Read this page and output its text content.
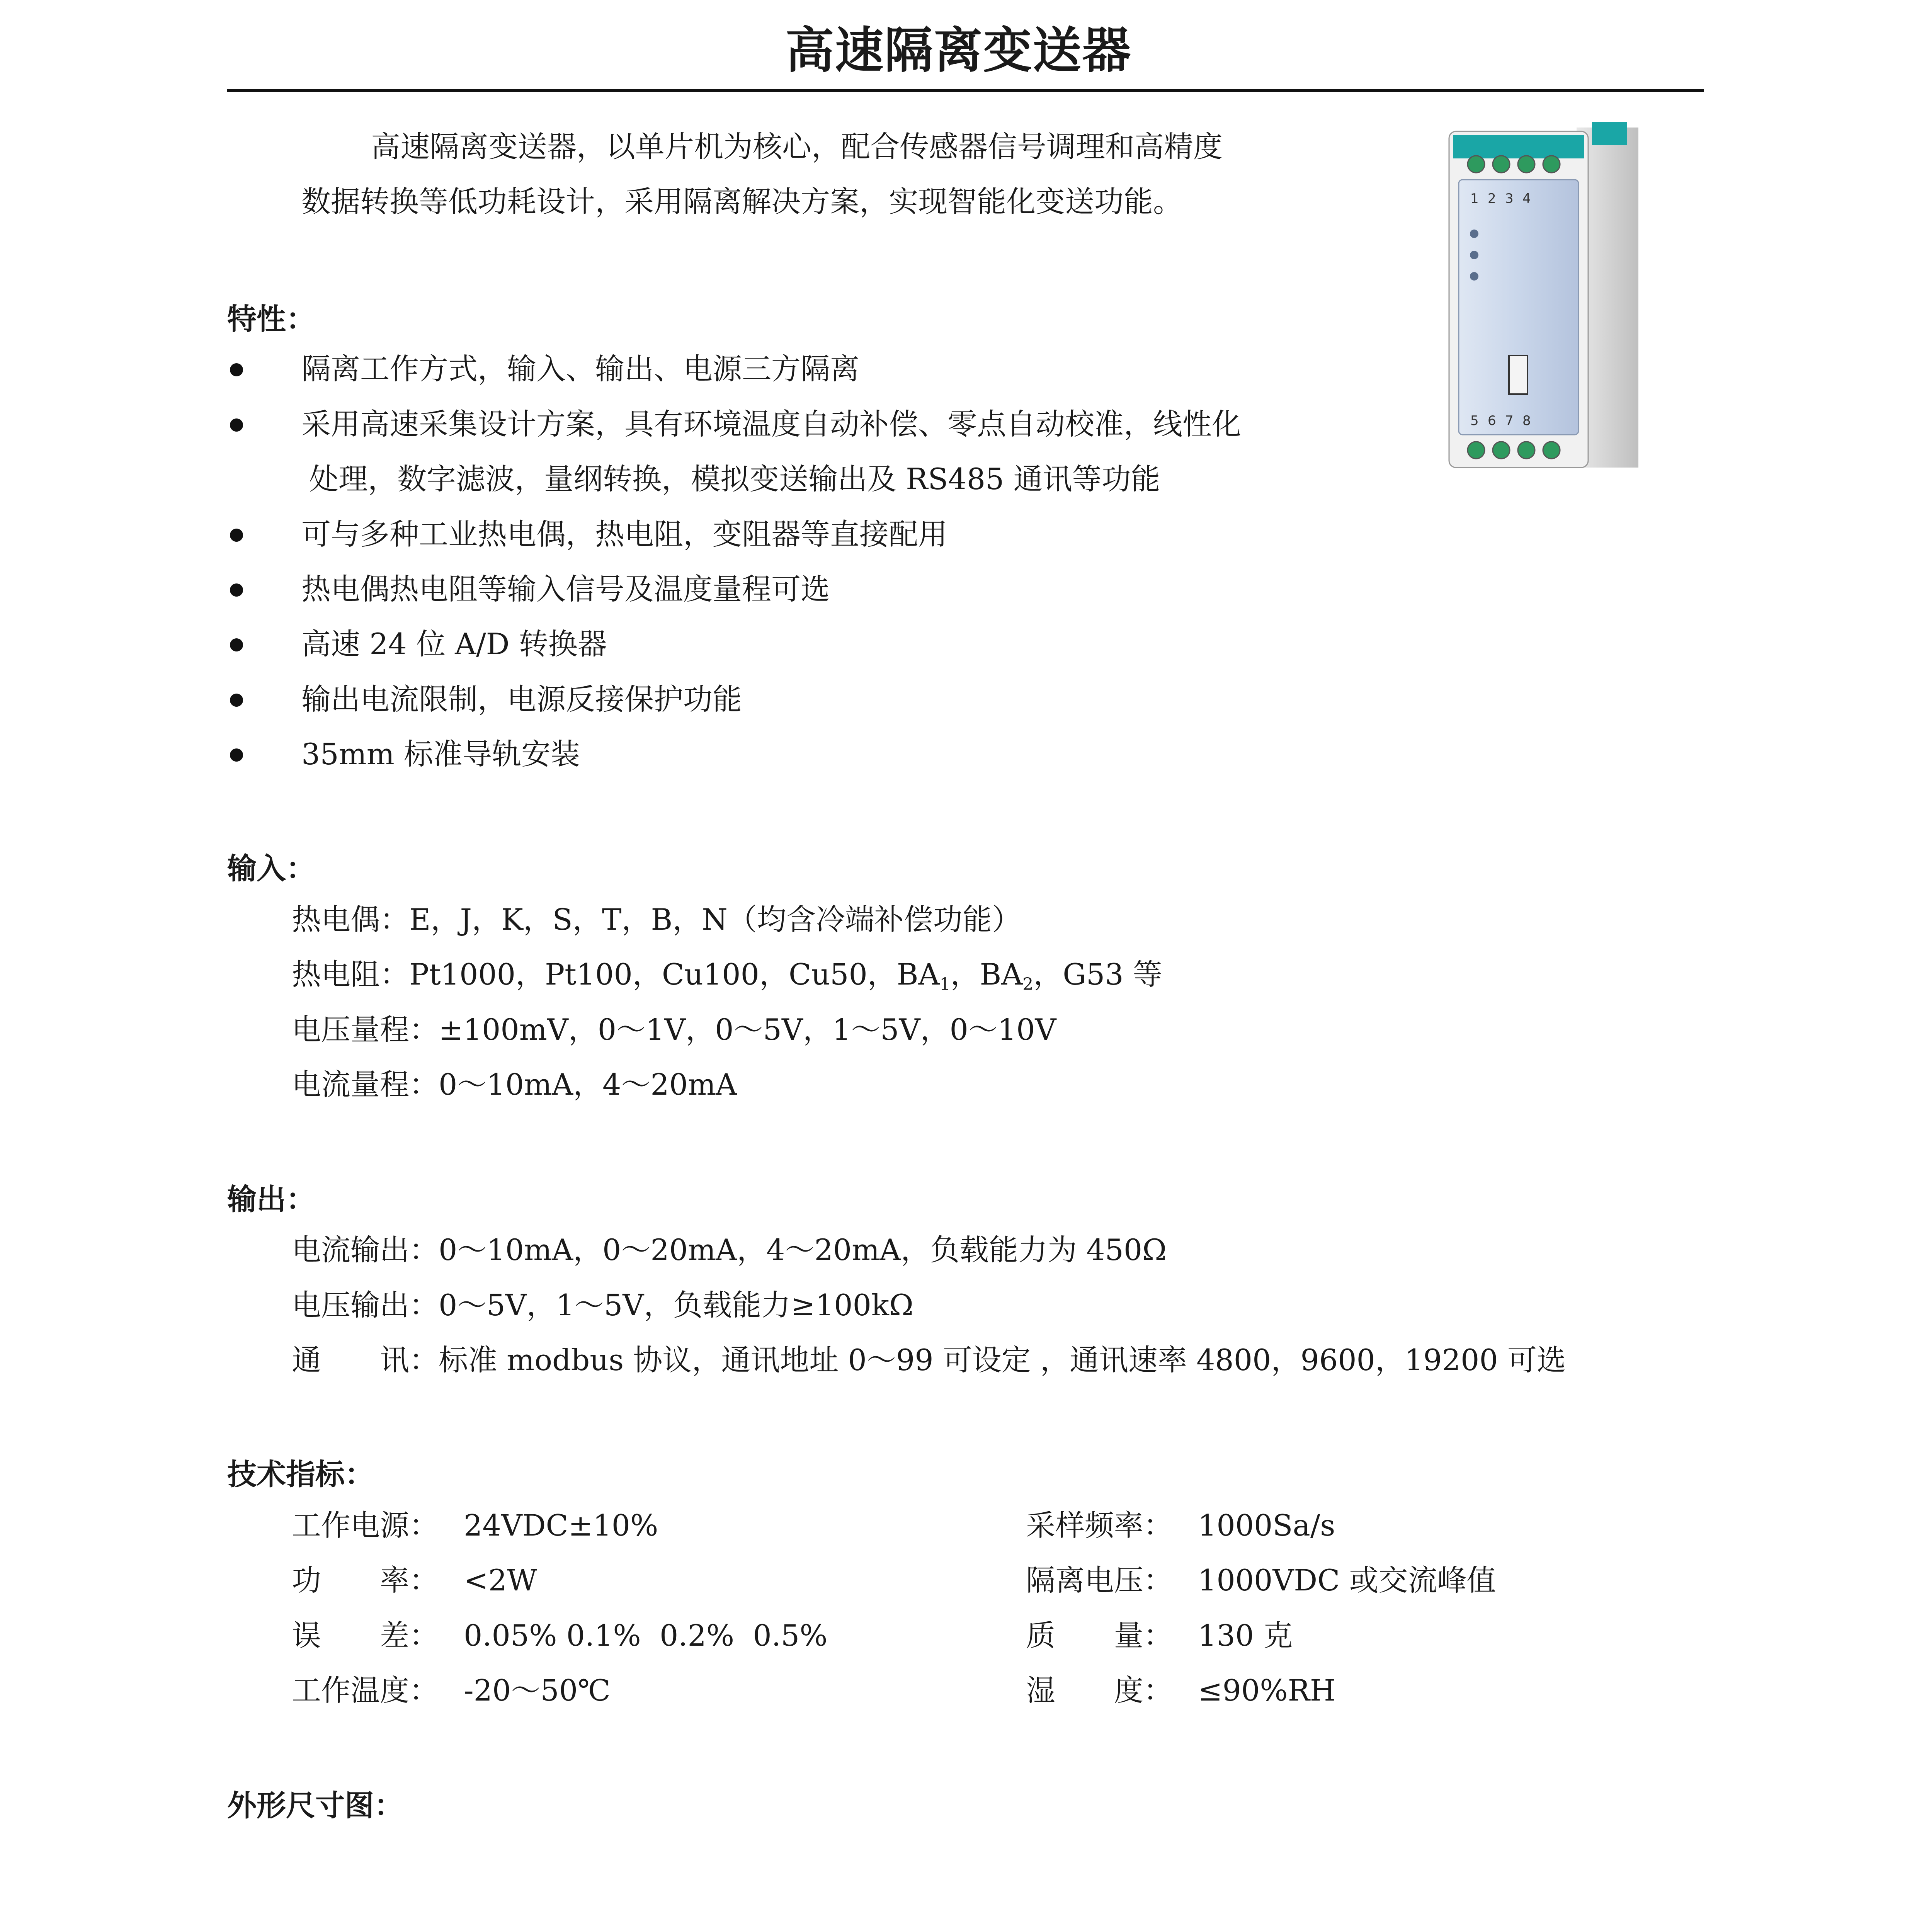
高速隔离变送器
高速隔离变送器，以单片机为核心，配合传感器信号调理和高精度
数据转换等低功耗设计，采用隔离解决方案，实现智能化变送功能。	1 2 3 4
5 6 7 8
特性：
隔离工作方式，输入、输出、电源三方隔离
采用高速采集设计方案，具有环境温度自动补偿、零点自动校准，线性化
处理，数字滤波，量纲转换，模拟变送输出及 RS485 通讯等功能
可与多种工业热电偶，热电阻，变阻器等直接配用
热电偶热电阻等输入信号及温度量程可选
高速 24 位 A/D 转换器
输出电流限制，电源反接保护功能
35mm 标准导轨安装
输入：
热电偶：E，J，K，S，T，B，N（均含冷端补偿功能）
热电阻：Pt1000，Pt100，Cu100，Cu50，$BA_1$，$BA_2$，G53 等
电压量程：±100mV，0～1V，0～5V，1～5V，0～10V
电流量程：0～10mA，4～20mA
输出：
电流输出：0～10mA，0～20mA，4～20mA，负载能力为 450Ω
电压输出：0～5V，1～5V，负载能力≥100kΩ
通　　讯：标准 modbus 协议，通讯地址 0～99 可设定 ，通讯速率 4800，9600，19200 可选
技术指标：
工作电源： 24VDC±10%
功　　率： <2W
误　　差： 0.05% 0.1%  0.2%  0.5%
工作温度： -20～50℃
采样频率： 1000Sa/s
隔离电压： 1000VDC 或交流峰值
质　　量： 130 克
湿　　度： ≤90%RH
外形尺寸图：
